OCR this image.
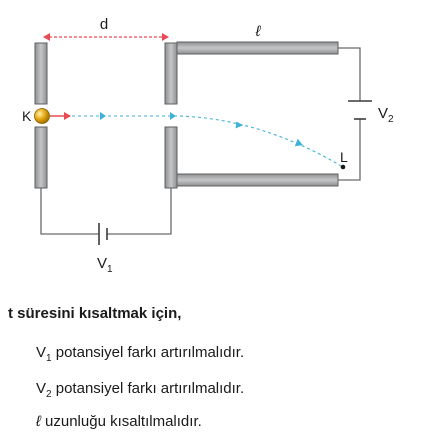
d	ℓ
K
L
$V_2$
$V_1$
t süresini kısaltmak için,
$V_1$ potansiyel farkı artırılmalıdır.
$V_2$ potansiyel farkı artırılmalıdır.
ℓ uzunluğu kısaltılmalıdır.
